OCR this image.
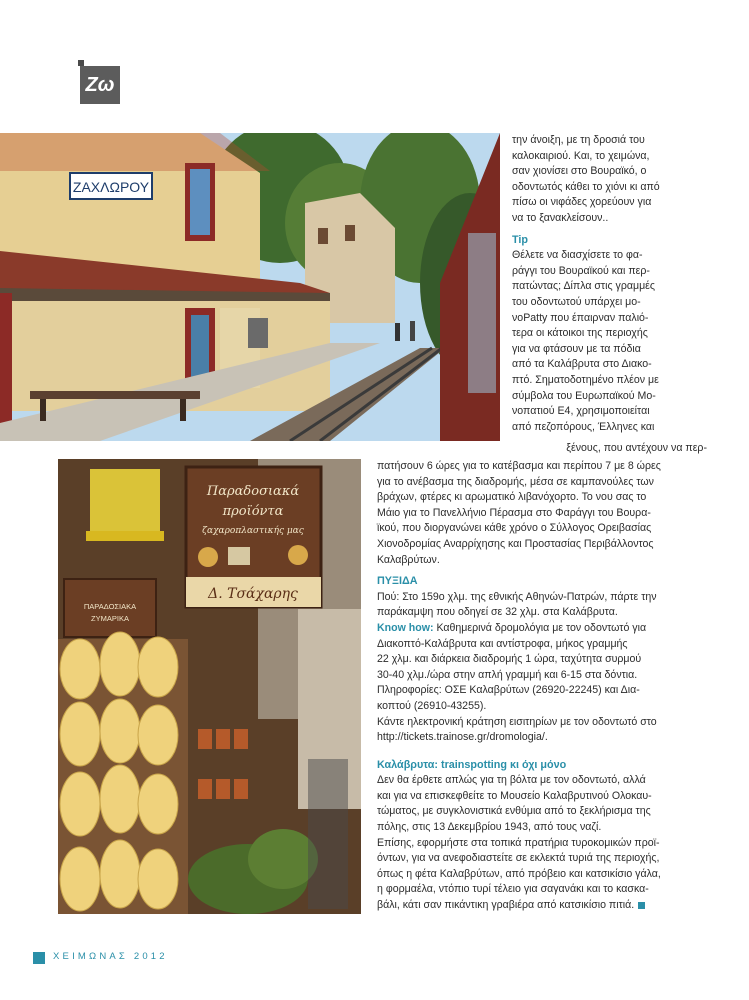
Ζω
ΖΑΧΛΩΡΟΥ

την άνοιξη, με τη δροσιά του

καλοκαιριού. Και, το χειμώνα,

σαν χιονίσει στο Βουραϊκό, ο

οδοντωτός κάθει το χιόνι κι από

πίσω οι νιφάδες χορεύουν για

να το ξανακλείσουν..

Tip

Θέλετε να διασχίσετε το φα-

ράγγι του Βουραϊκού και περ-

πατώντας; Δίπλα στις γραμμές

του οδοντωτού υπάρχει μο-

νοPatty που έπαιρναν παλιό-

τερα οι κάτοικοι της περιοχής

για να φτάσουν με τα πόδια

από τα Καλάβρυτα στο Διακο-

πτό. Σηματοδοτημένο πλέον με

σύμβολα του Ευρωπαϊκού Μο-

νοπατιού Ε4, χρησιμοποιείται

από πεζοπόρους, Έλληνες και

ξένους, που αντέχουν να περ-

Παραδοσιακά
προϊόντα
ζαχαροπλαστικής μας
Δ. Τσάχαρης
ΠΑΡΑΔΟΣΙΑΚΑ
ΖΥΜΑΡΙΚΑ

πατήσουν 6 ώρες για το κατέβασμα και περίπου 7 με 8 ώρες

για το ανέβασμα της διαδρομής, μέσα σε καμπανούλες των

βράχων, φτέρες κι αρωματικό λιβανόχορτο. Το νου σας το

Μάιο για το Πανελλήνιο Πέρασμα στο Φαράγγι του Βουρα-

ϊκού, που διοργανώνει κάθε χρόνο ο Σύλλογος Ορειβασίας

Χιονοδρομίας Αναρρίχησης και Προστασίας Περιβάλλοντος

Καλαβρύτων.

ΠΥΞΙΔΑ

Πού: Στο 159ο χλμ. της εθνικής Αθηνών-Πατρών, πάρτε την

παράκαμψη που οδηγεί σε 32 χλμ. στα Καλάβρυτα.

Know how: Καθημερινά δρομολόγια με τον οδοντωτό για

Διακοπτό-Καλάβρυτα και αντίστροφα, μήκος γραμμής

22 χλμ. και διάρκεια διαδρομής 1 ώρα, ταχύτητα συρμού

30-40 χλμ./ώρα στην απλή γραμμή και 6-15 στα δόντια.

Πληροφορίες: ΟΣΕ Καλαβρύτων (26920-22245) και Δια-

κοπτού (26910-43255).

Κάντε ηλεκτρονική κράτηση εισιτηρίων με τον οδοντωτό στο

http://tickets.trainose.gr/dromologia/.

Καλάβρυτα: trainspotting κι όχι μόνο

Δεν θα έρθετε απλώς για τη βόλτα με τον οδοντωτό, αλλά

και για να επισκεφθείτε το Μουσείο Καλαβρυτινού Ολοκαυ-

τώματος, με συγκλονιστικά ενθύμια από το ξεκλήρισμα της

πόλης, στις 13 Δεκεμβρίου 1943, από τους ναζί.

Επίσης, εφορμήστε στα τοπικά πρατήρια τυροκομικών προϊ-

όντων, για να ανεφοδιαστείτε σε εκλεκτά τυριά της περιοχής,

όπως η φέτα Καλαβρύτων, από πρόβειο και κατσικίσιο γάλα,

η φορμαέλα, ντόπιο τυρί τέλειο για σαγανάκι και το κασκα-

βάλι, κάτι σαν πικάντικη γραβιέρα από κατσικίσιο πιτιά.

ΧΕΙΜΩΝΑΣ 2012
